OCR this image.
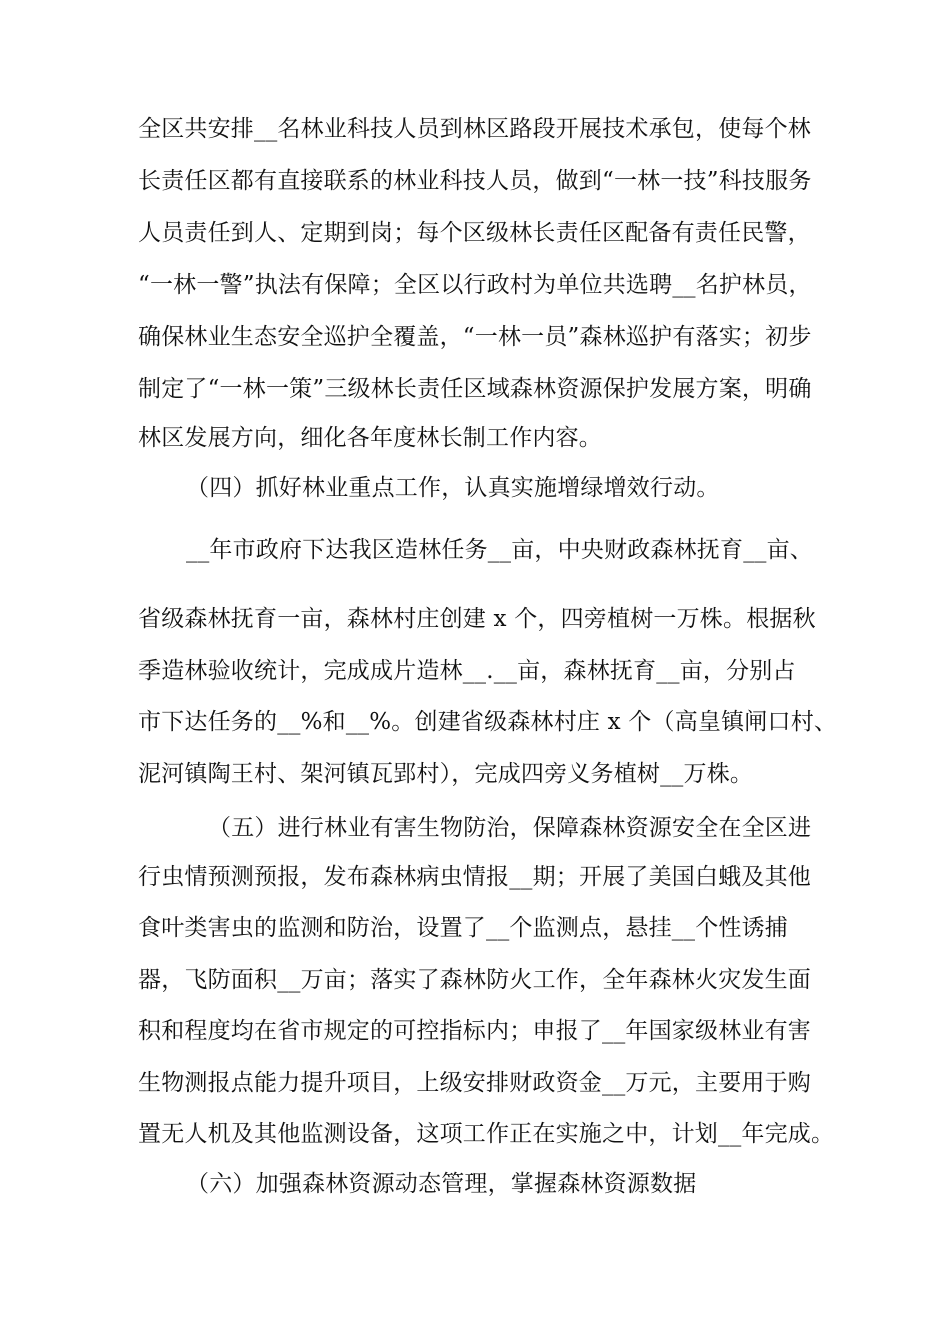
全区共安排__名林业科技人员到林区路段开展技术承包，使每个林
长责任区都有直接联系的林业科技人员，做到“一林一技”科技服务
人员责任到人、定期到岗；每个区级林长责任区配备有责任民警，
“一林一警”执法有保障；全区以行政村为单位共选聘__名护林员，
确保林业生态安全巡护全覆盖，“一林一员”森林巡护有落实；初步
制定了“一林一策”三级林长责任区域森林资源保护发展方案，明确
林区发展方向，细化各年度林长制工作内容。
（四）抓好林业重点工作，认真实施增绿增效行动。
__年市政府下达我区造林任务__亩，中央财政森林抚育__亩、
省级森林抚育一亩，森林村庄创建 x 个，四旁植树一万株。根据秋
季造林验收统计，完成成片造林__.__亩，森林抚育__亩，分别占
市下达任务的__%和__%。创建省级森林村庄 x 个（高皇镇闸口村、
泥河镇陶王村、架河镇瓦郢村），完成四旁义务植树__万株。
（五）进行林业有害生物防治，保障森林资源安全在全区进
行虫情预测预报，发布森林病虫情报__期；开展了美国白蛾及其他
食叶类害虫的监测和防治，设置了__个监测点，悬挂__个性诱捕
器，飞防面积__万亩；落实了森林防火工作，全年森林火灾发生面
积和程度均在省市规定的可控指标内；申报了__年国家级林业有害
生物测报点能力提升项目，上级安排财政资金__万元，主要用于购
置无人机及其他监测设备，这项工作正在实施之中，计划__年完成。
（六）加强森林资源动态管理，掌握森林资源数据
